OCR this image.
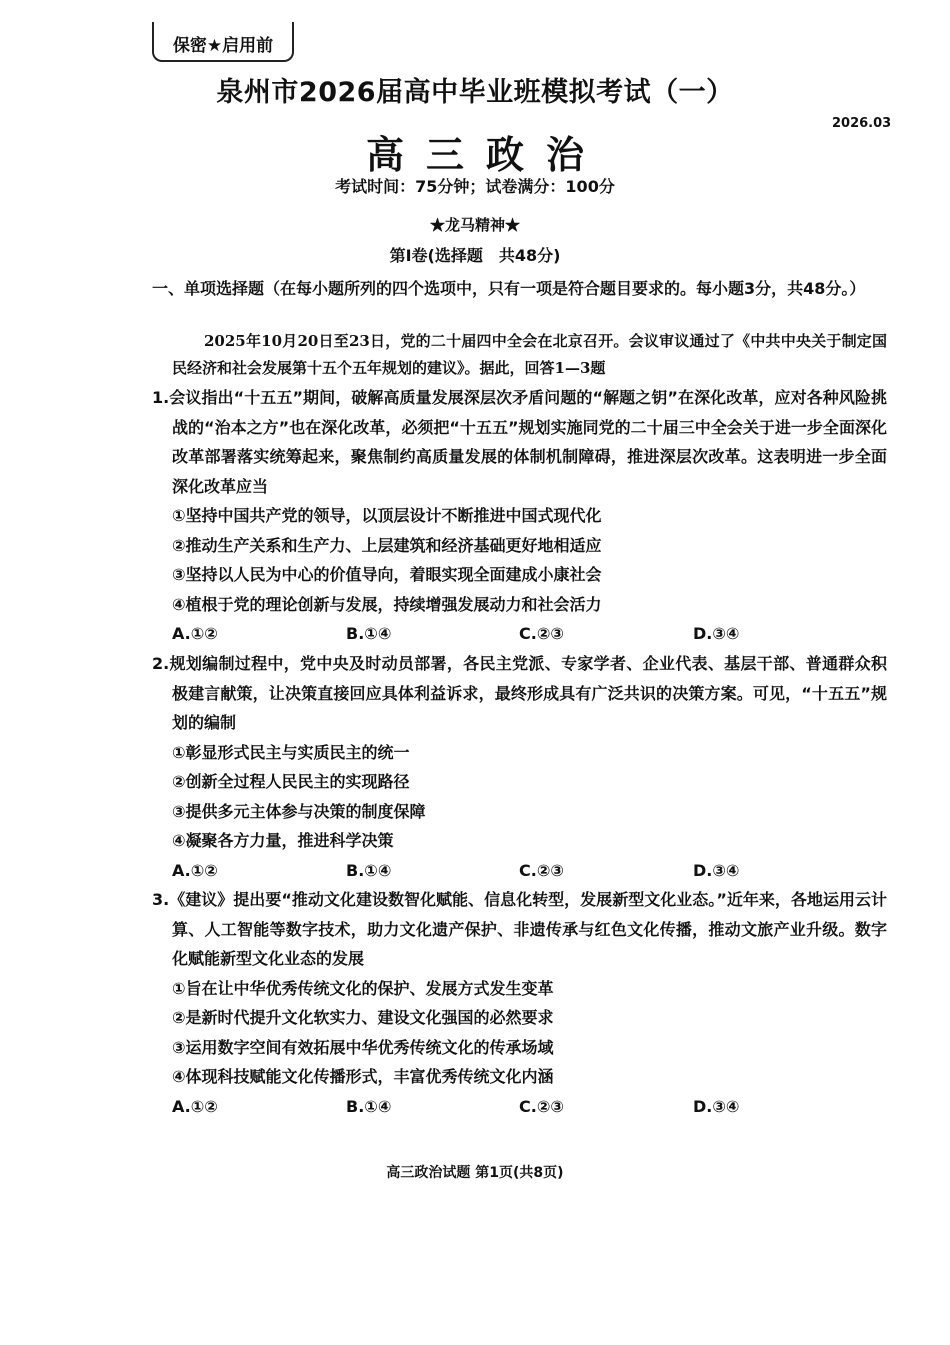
保密★启用前
泉州市2026届高中毕业班模拟考试（一）
2026.03
高三政治
考试时间：75分钟；试卷满分：100分
★龙马精神★
第Ⅰ卷(选择题　共48分)
一、单项选择题（在每小题所列的四个选项中，只有一项是符合题目要求的。每小题3分，共48分。）
2025年10月20日至23日，党的二十届四中全会在北京召开。会议审议通过了《中共中央关于制定国民经济和社会发展第十五个五年规划的建议》。据此，回答1—3题
1.会议指出“十五五”期间，破解高质量发展深层次矛盾问题的“解题之钥”在深化改革，应对各种风险挑战的“治本之方”也在深化改革，必须把“十五五”规划实施同党的二十届三中全会关于进一步全面深化改革部署落实统筹起来，聚焦制约高质量发展的体制机制障碍，推进深层次改革。这表明进一步全面深化改革应当
①坚持中国共产党的领导，以顶层设计不断推进中国式现代化
②推动生产关系和生产力、上层建筑和经济基础更好地相适应
③坚持以人民为中心的价值导向，着眼实现全面建成小康社会
④植根于党的理论创新与发展，持续增强发展动力和社会活力
A.①②	B.①④	C.②③	D.③④
2.规划编制过程中，党中央及时动员部署，各民主党派、专家学者、企业代表、基层干部、普通群众积极建言献策，让决策直接回应具体利益诉求，最终形成具有广泛共识的决策方案。可见，“十五五”规划的编制
①彰显形式民主与实质民主的统一
②创新全过程人民民主的实现路径
③提供多元主体参与决策的制度保障
④凝聚各方力量，推进科学决策
A.①②	B.①④	C.②③	D.③④
3.《建议》提出要“推动文化建设数智化赋能、信息化转型，发展新型文化业态。”近年来，各地运用云计算、人工智能等数字技术，助力文化遗产保护、非遗传承与红色文化传播，推动文旅产业升级。数字化赋能新型文化业态的发展
①旨在让中华优秀传统文化的保护、发展方式发生变革
②是新时代提升文化软实力、建设文化强国的必然要求
③运用数字空间有效拓展中华优秀传统文化的传承场域
④体现科技赋能文化传播形式，丰富优秀传统文化内涵
A.①②	B.①④	C.②③	D.③④
高三政治试题 第1页(共8页)
